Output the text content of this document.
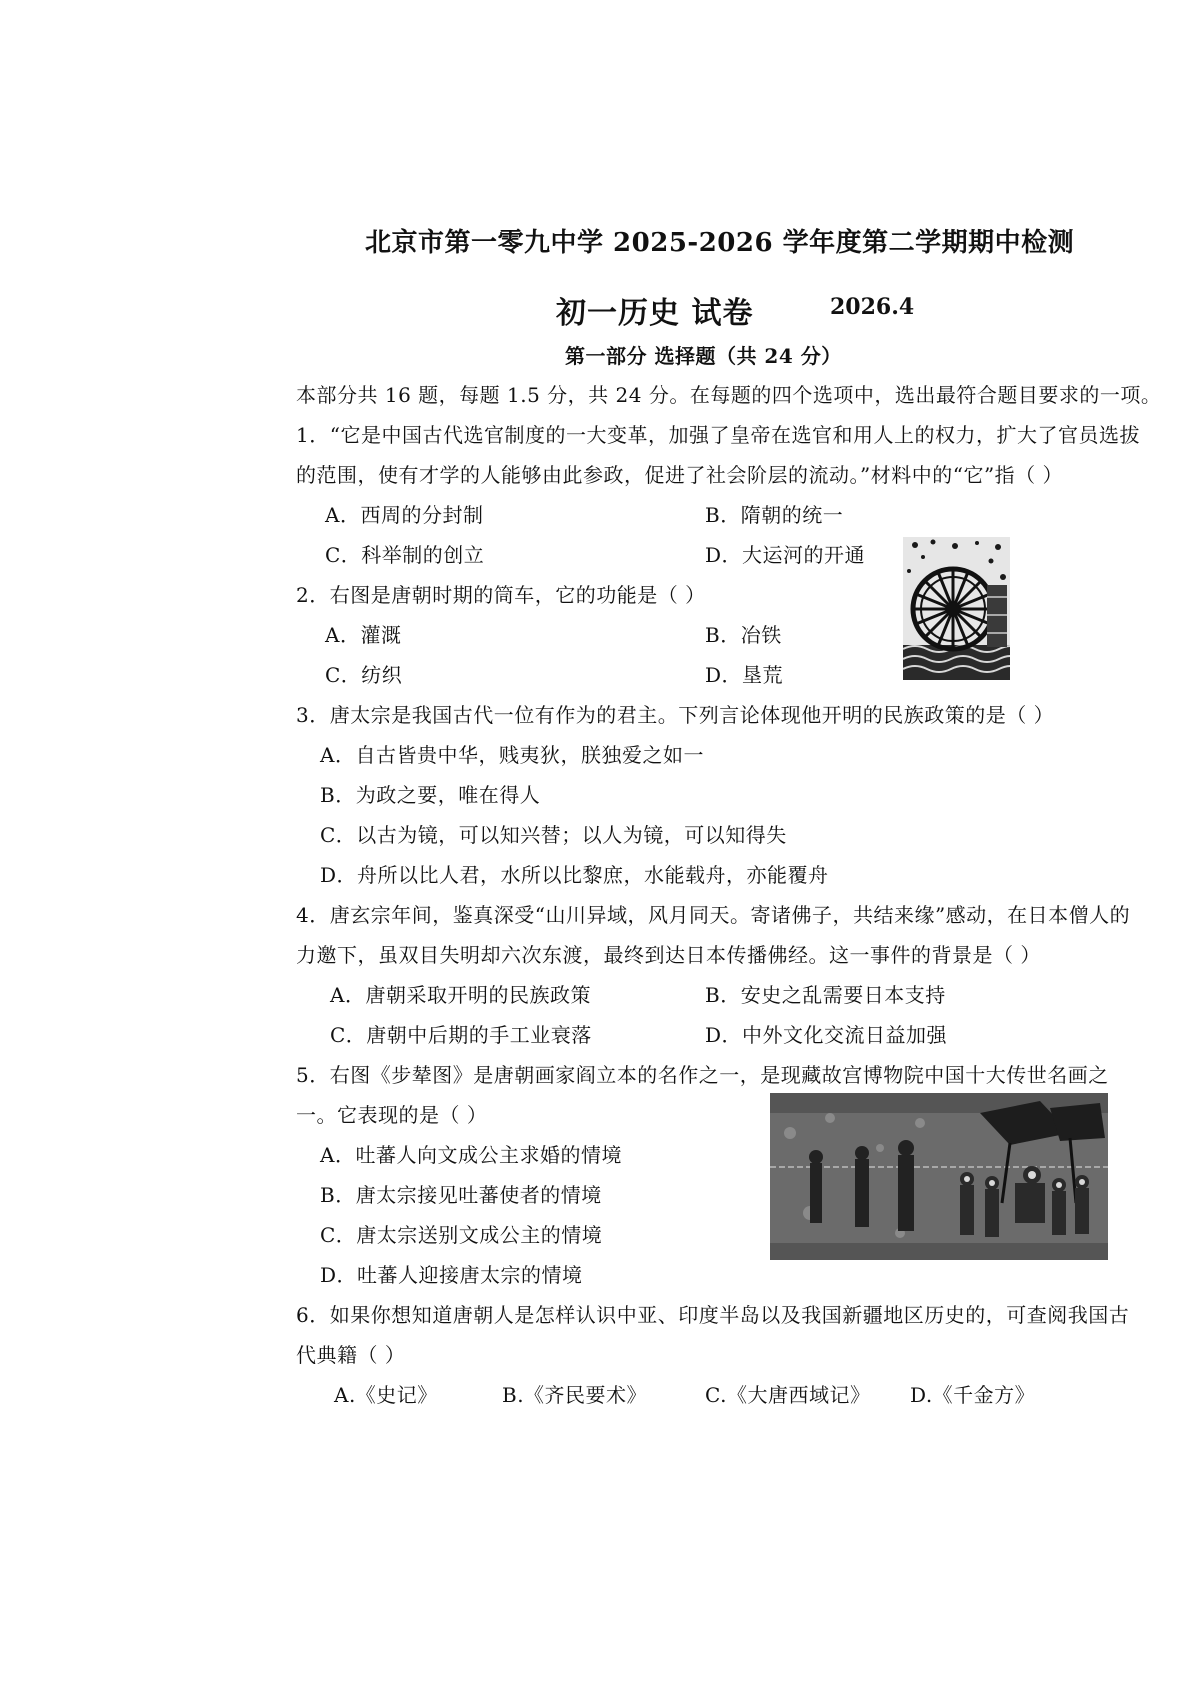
北京市第一零九中学 2025-2026 学年度第二学期期中检测
初一历史 试卷	2026.4
第一部分 选择题（共 24 分）
本部分共 16 题，每题 1.5 分，共 24 分。在每题的四个选项中，选出最符合题目要求的一项。
1．“它是中国古代选官制度的一大变革，加强了皇帝在选官和用人上的权力，扩大了官员选拔
的范围，使有才学的人能够由此参政，促进了社会阶层的流动。”材料中的“它”指（ ）
A．西周的分封制	B．隋朝的统一
C．科举制的创立	D．大运河的开通
2．右图是唐朝时期的筒车，它的功能是（ ）
A．灌溉	B．冶铁
C．纺织	D．垦荒
3．唐太宗是我国古代一位有作为的君主。下列言论体现他开明的民族政策的是（ ）
A．自古皆贵中华，贱夷狄，朕独爱之如一
B．为政之要，唯在得人
C．以古为镜，可以知兴替；以人为镜，可以知得失
D．舟所以比人君，水所以比黎庶，水能载舟，亦能覆舟
4．唐玄宗年间，鉴真深受“山川异域，风月同天。寄诸佛子，共结来缘”感动，在日本僧人的
力邀下，虽双目失明却六次东渡，最终到达日本传播佛经。这一事件的背景是（ ）
A．唐朝采取开明的民族政策	B．安史之乱需要日本支持
C．唐朝中后期的手工业衰落	D．中外文化交流日益加强
5．右图《步辇图》是唐朝画家阎立本的名作之一，是现藏故宫博物院中国十大传世名画之
一。它表现的是（ ）
A．吐蕃人向文成公主求婚的情境
B．唐太宗接见吐蕃使者的情境
C．唐太宗送别文成公主的情境
D．吐蕃人迎接唐太宗的情境
6．如果你想知道唐朝人是怎样认识中亚、印度半岛以及我国新疆地区历史的，可查阅我国古
代典籍（ ）
A.《史记》	B.《齐民要术》	C.《大唐西域记》 D.《千金方》
